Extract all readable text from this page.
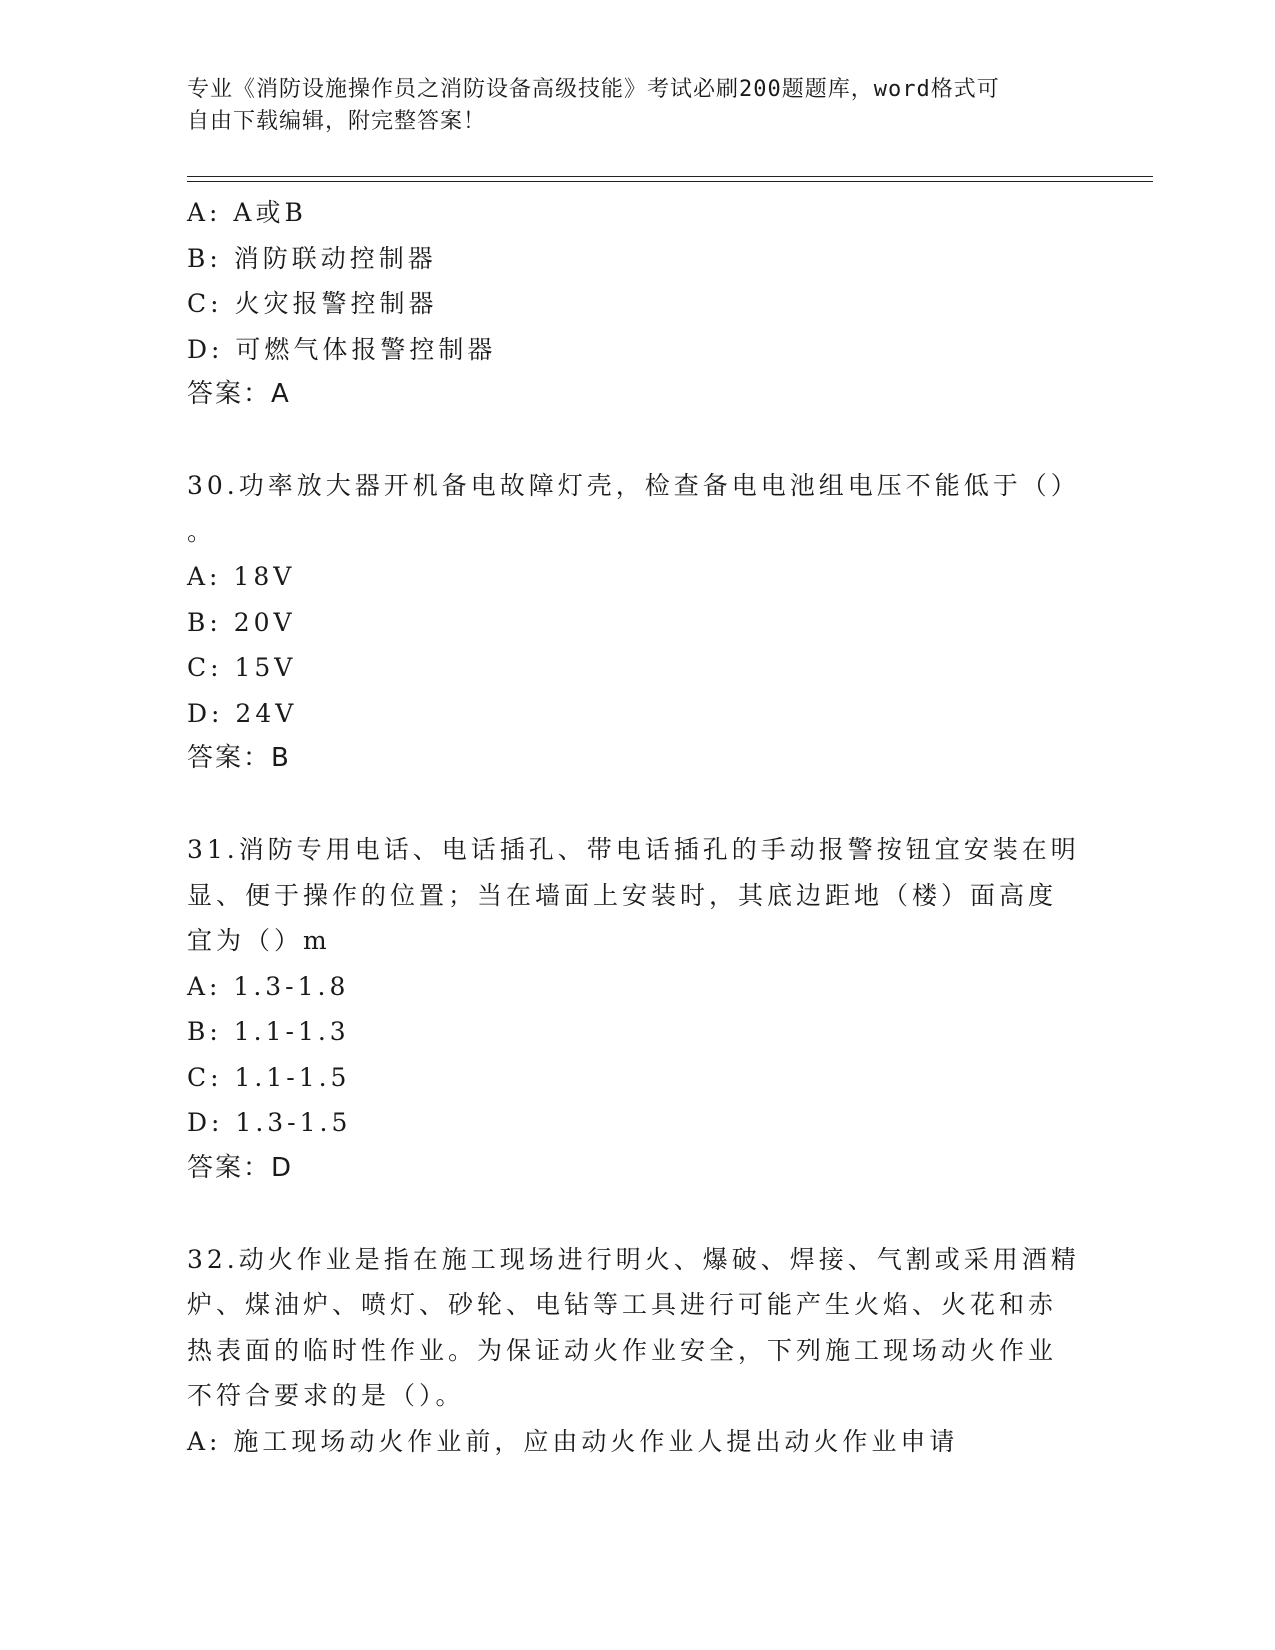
专业《消防设施操作员之消防设备高级技能》考试必刷200题题库，word格式可
自由下载编辑，附完整答案！
A: A或B
B: 消防联动控制器
C: 火灾报警控制器
D: 可燃气体报警控制器
答案：A
30.功率放大器开机备电故障灯壳，检查备电电池组电压不能低于（）
。
A: 18V
B: 20V
C: 15V
D: 24V
答案：B
31.消防专用电话、电话插孔、带电话插孔的手动报警按钮宜安装在明
显、便于操作的位置；当在墙面上安装时，其底边距地（楼）面高度
宜为（）m
A: 1.3-1.8
B: 1.1-1.3
C: 1.1-1.5
D: 1.3-1.5
答案：D
32.动火作业是指在施工现场进行明火、爆破、焊接、气割或采用酒精
炉、煤油炉、喷灯、砂轮、电钻等工具进行可能产生火焰、火花和赤
热表面的临时性作业。为保证动火作业安全，下列施工现场动火作业
不符合要求的是（）。
A: 施工现场动火作业前，应由动火作业人提出动火作业申请
